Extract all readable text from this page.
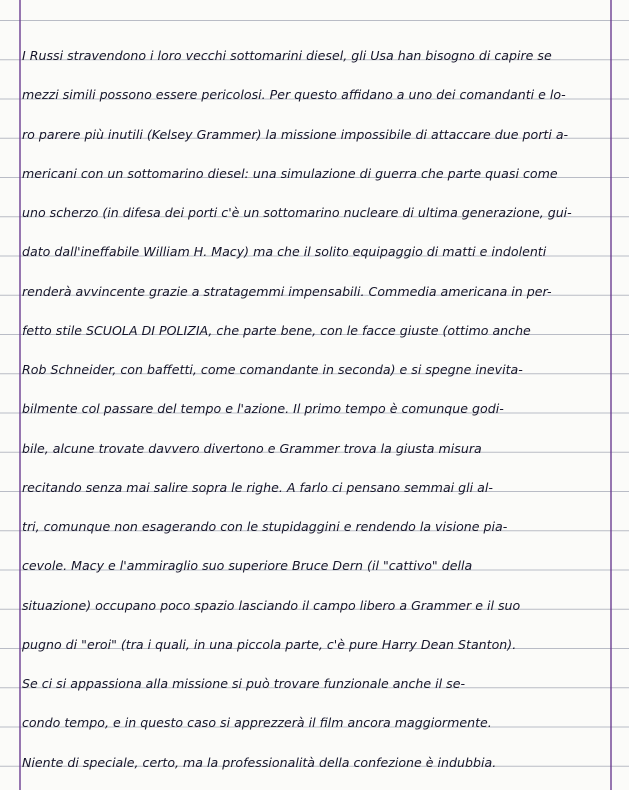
I Russi stravendono i loro vecchi sottomarini diesel, gli Usa han bisogno di capire se
mezzi simili possono essere pericolosi. Per questo affidano a uno dei comandanti e lo-
ro parere più inutili (Kelsey Grammer) la missione impossibile di attaccare due porti a-
mericani con un sottomarino diesel: una simulazione di guerra che parte quasi come
uno scherzo (in difesa dei porti c'è un sottomarino nucleare di ultima generazione, gui-
dato dall'ineffabile William H. Macy) ma che il solito equipaggio di matti e indolenti
renderà avvincente grazie a stratagemmi impensabili. Commedia americana in per-
fetto stile SCUOLA DI POLIZIA, che parte bene, con le facce giuste (ottimo anche
Rob Schneider, con baffetti, come comandante in seconda) e si spegne inevita-
bilmente col passare del tempo e l'azione. Il primo tempo è comunque godi-
bile, alcune trovate davvero divertono e Grammer trova la giusta misura
recitando senza mai salire sopra le righe. A farlo ci pensano semmai gli al-
tri, comunque non esagerando con le stupidaggini e rendendo la visione pia-
cevole. Macy e l'ammiraglio suo superiore Bruce Dern (il "cattivo" della
situazione) occupano poco spazio lasciando il campo libero a Grammer e il suo
pugno di "eroi" (tra i quali, in una piccola parte, c'è pure Harry Dean Stanton).
Se ci si appassiona alla missione si può trovare funzionale anche il se-
condo tempo, e in questo caso si apprezzerà il film ancora maggiormente.
Niente di speciale, certo, ma la professionalità della confezione è indubbia.
